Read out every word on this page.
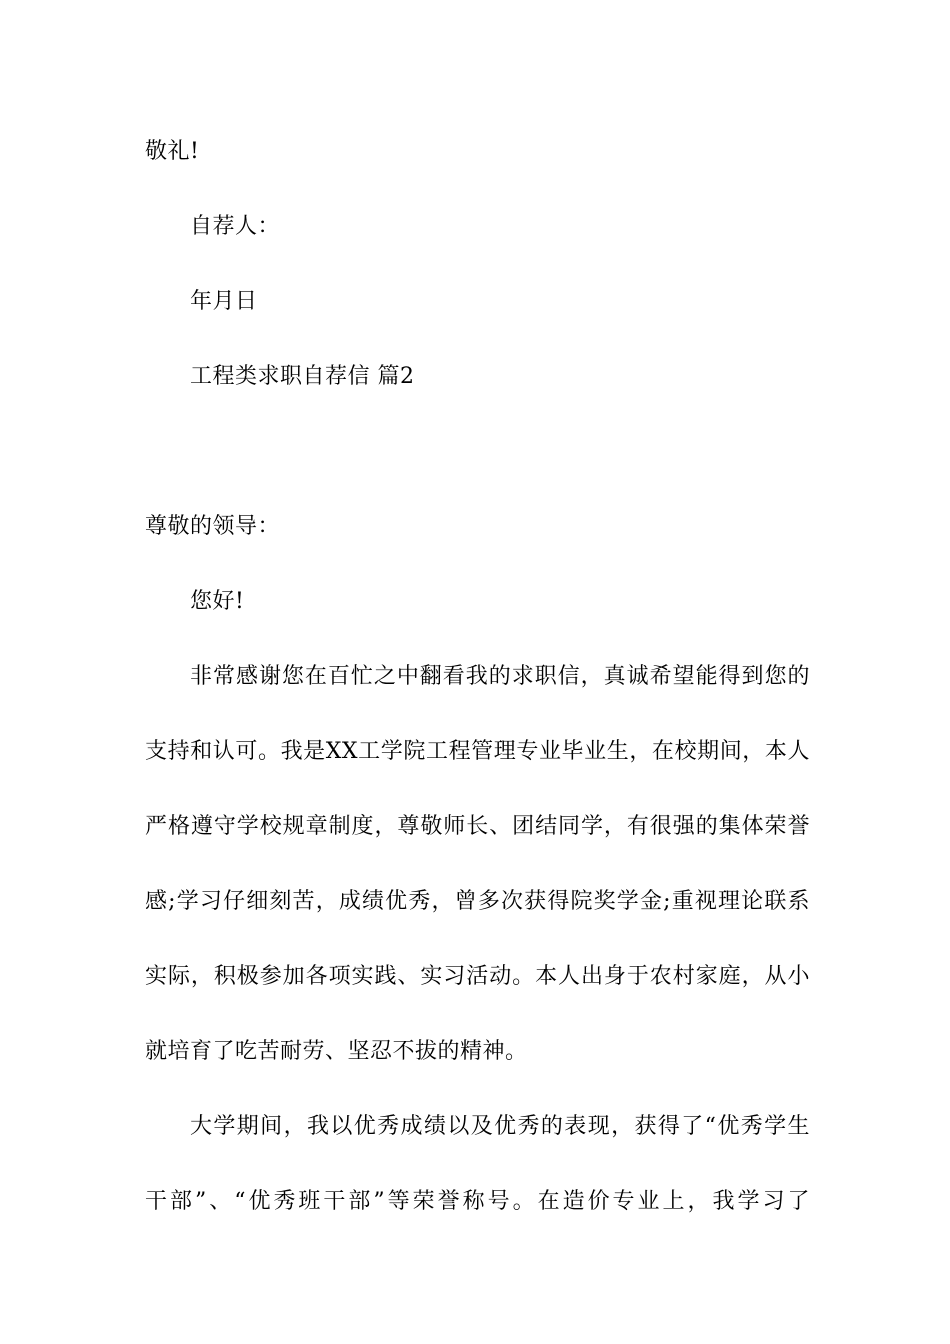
敬礼!
自荐人：
年月日
工程类求职自荐信 篇2
尊敬的领导：
您好!
非常感谢您在百忙之中翻看我的求职信，真诚希望能得到您的
支持和认可。我是XX工学院工程管理专业毕业生，在校期间，本人
严格遵守学校规章制度，尊敬师长、团结同学，有很强的集体荣誉
感;学习仔细刻苦，成绩优秀，曾多次获得院奖学金;重视理论联系
实际，积极参加各项实践、实习活动。本人出身于农村家庭，从小
就培育了吃苦耐劳、坚忍不拔的精神。
大学期间，我以优秀成绩以及优秀的表现，获得了“优秀学生
干部”、“优秀班干部”等荣誉称号。在造价专业上，我学习了
